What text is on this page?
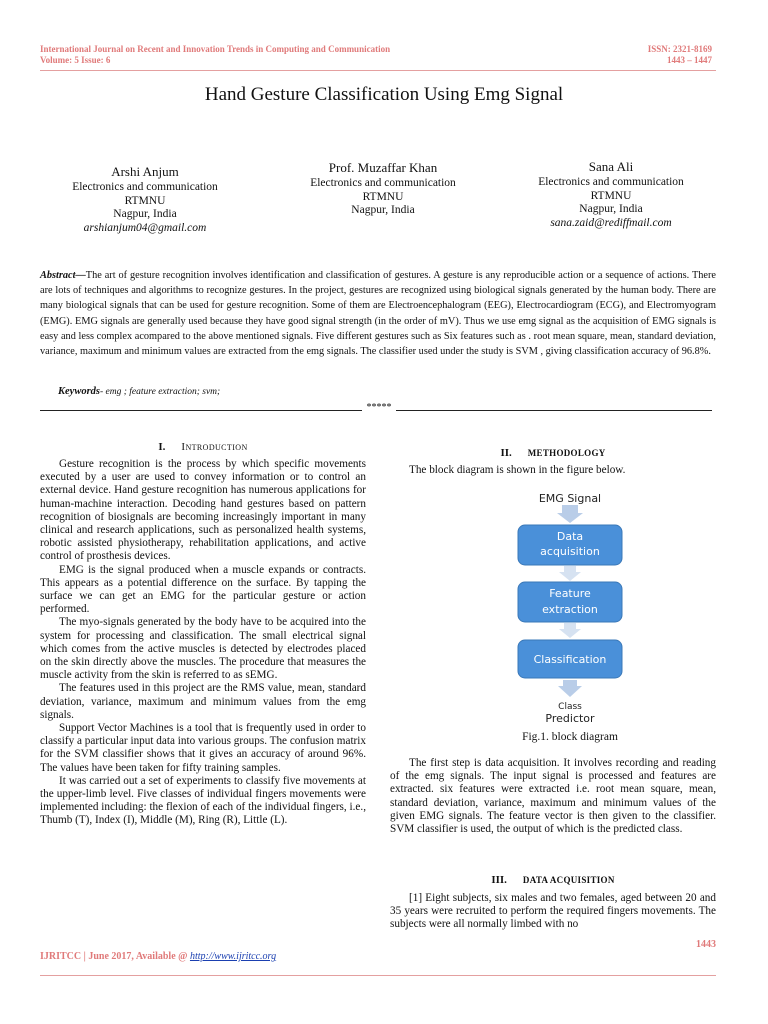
International Journal on Recent and Innovation Trends in Computing and Communication
Volume: 5 Issue: 6
ISSN: 2321-8169
1443 – 1447
Hand Gesture Classification Using Emg Signal
Arshi Anjum
Electronics and communication
RTMNU
Nagpur, India
arshianjum04@gmail.com
Prof. Muzaffar Khan
Electronics and communication
RTMNU
Nagpur, India
Sana Ali
Electronics and communication
RTMNU
Nagpur, India
sana.zaid@rediffmail.com
Abstract—The art of gesture recognition involves identification and classification of gestures. A gesture is any reproducible action or a sequence of actions. There are lots of techniques and algorithms to recognize gestures. In the project, gestures are recognized using biological signals generated by the human body. There are many biological signals that can be used for gesture recognition. Some of them are Electroencephalogram (EEG), Electrocardiogram (ECG), and Electromyogram (EMG). EMG signals are generally used because they have good signal strength (in the order of mV). Thus we use emg signal as the acquisition of EMG signals is easy and less complex acompared to the above mentioned signals. Five different gestures such as Six features such as . root mean square, mean, standard deviation, variance, maximum and minimum values are extracted from the emg signals. The classifier used under the study is SVM , giving classification accuracy of 96.8%.
Keywords- emg ; feature extraction; svm;
*****
I. Introduction

Gesture recognition is the process by which specific movements executed by a user are used to convey information or to control an external device. Hand gesture recognition has numerous applications for human-machine interaction. Decoding hand gestures based on pattern recognition of biosignals are becoming increasingly important in many clinical and research applications, such as personalized health systems, robotic assisted physiotherapy, rehabilitation applications, and active control of prosthesis devices.

EMG is the signal produced when a muscle expands or contracts. This appears as a potential difference on the surface. By tapping the surface we can get an EMG for the particular gesture or action performed.

The myo-signals generated by the body have to be acquired into the system for processing and classification. The small electrical signal which comes from the active muscles is detected by electrodes placed on the skin directly above the muscles. The procedure that measures the muscle activity from the skin is referred to as sEMG.

The features used in this project are the RMS value, mean, standard deviation, variance, maximum and minimum values from the emg signals.

Support Vector Machines is a tool that is frequently used in order to classify a particular input data into various groups. The confusion matrix for the SVM classifier shows that it gives an accuracy of around 96%. The values have been taken for fifty training samples.

It was carried out a set of experiments to classify five movements at the upper-limb level. Five classes of individual fingers movements were implemented including: the flexion of each of the individual fingers, i.e., Thumb (T), Index (I), Middle (M), Ring (R), Little (L).

II. METHODOLOGY

The block diagram is shown in the figure below.

EMG Signal
Data
acquisition
Feature
extraction
Classification
Class
Predictor
Fig.1. block diagram

The first step is data acquisition. It involves recording and reading of the emg signals. The input signal is processed and features are extracted. six features were extracted i.e. root mean square, mean, standard deviation, variance, maximum and minimum values of the given EMG signals. The feature vector is then given to the classifier. SVM classifier is used, the output of which is the predicted class.

III. DATA ACQUISITION

[1] Eight subjects, six males and two females, aged between 20 and 35 years were recruited to perform the required fingers movements. The subjects were all normally limbed with no

1443
IJRITCC | June 2017, Available @ http://www.ijritcc.org
